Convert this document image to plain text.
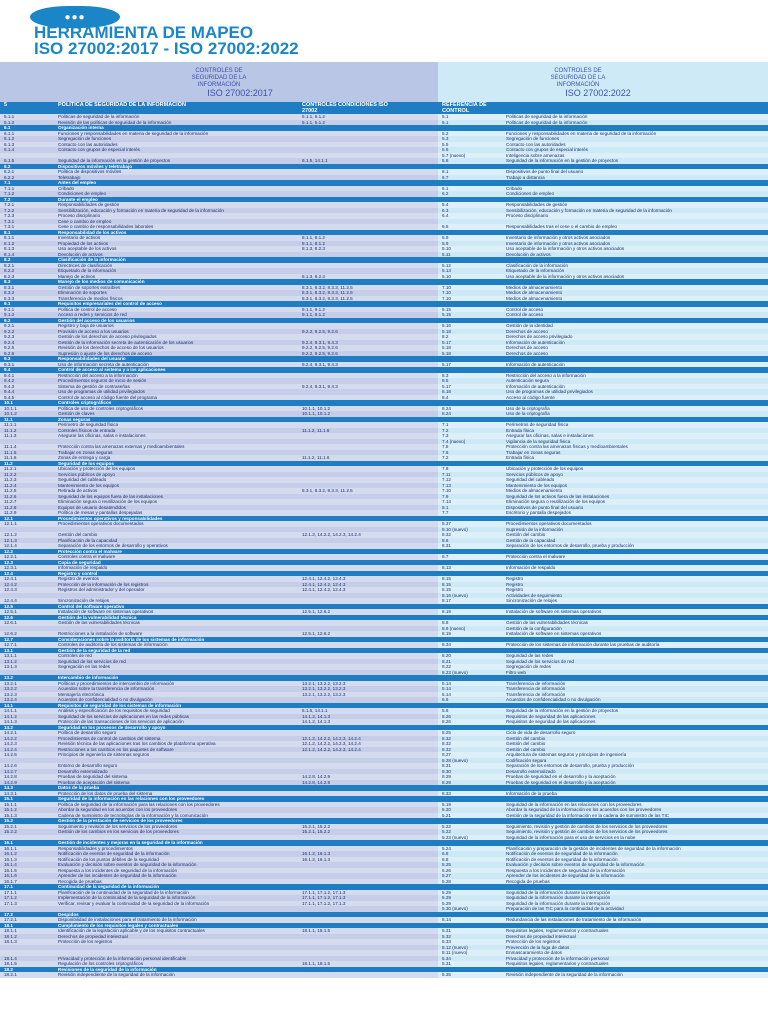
●●●
HERRAMIENTA DE MAPEO
ISO 27002:2017 - ISO 27002:2022
CONTROLES DE SEGURIDAD DE LA INFORMACIÓN
ISO 27002:2017
CONTROLES DE SEGURIDAD DE LA INFORMACIÓN
ISO 27002:2022
5	POLÍTICA DE SEGURIDAD DE LA INFORMACIÓN	CONTROLES CONDICIONES ISO 27002
REFERENCIA DE CONTROL
5.1.1	Políticas de seguridad de la información	5.1.1, 5.1.2	5.1	Políticas de seguridad de la información
5.1.2	Revisión de las políticas de seguridad de la información	5.1.1, 5.1.2	5.1	Políticas de seguridad de la información
6.1	Organización interna
6.1.1	Funciones y responsabilidades en materia de seguridad de la información	5.2	Funciones y responsabilidades en materia de seguridad de la información
6.1.2	Segregación de funciones	5.3	Segregación de funciones
6.1.3	Contacto con las autoridades	5.5	Contacto con las autoridades
6.1.4	Contacto con grupos de especial interés	5.6	Contacto con grupos de especial interés
5.7 (nuevo)	Inteligencia sobre amenazas
6.1.5	Seguridad de la información en la gestión de proyectos	6.1.5, 14.1.1	5.8	Seguridad de la información en la gestión de proyectos
6.2	Dispositivos móviles y teletrabajo
6.2.1	Política de dispositivos móviles	8.1	Dispositivos de punto final del usuario
6.2.2	Teletrabajo	6.7	Trabajo a distancia
7.1	Antes del empleo
7.1.1	Cribado	6.1	Cribado
7.1.2	Condiciones de empleo	6.2	Condiciones de empleo
7.2	Durante el empleo
7.2.1	Responsabilidades de gestión	5.4	Responsabilidades de gestión
7.2.2	Sensibilización, educación y formación en materia de seguridad de la información	6.3	Sensibilización, educación y formación en materia de seguridad de la información
7.2.3	Proceso disciplinario	6.4	Proceso disciplinario
7.3.1	Cese o cambio de empleo
7.3.1	Cese o cambio de responsabilidades laborales	6.5	Responsabilidades tras el cese o el cambio de empleo
8.1	Responsabilidad de los activos
8.1.1	Inventario de activos	8.1.1, 8.1.2	5.9	Inventario de información y otros activos asociados
8.1.2	Propiedad de los activos	8.1.1, 8.1.2	5.9	Inventario de información y otros activos asociados
8.1.3	Uso aceptable de los activos	8.1.3, 8.2.3	5.10	Uso aceptable de la información y otros activos asociados
8.1.4	Devolución de activos	5.11	Devolución de activos
8.2	Clasificación de la información
8.2.1	Directrices de clasificación	5.12	Clasificación de la información
8.2.2	Etiquetado de la información	5.13	Etiquetado de la información
8.2.3	Manejo de activos	8.1.3, 8.2.3	5.10	Uso aceptable de la información y otros activos asociados
8.3	Manejo de los medios de comunicación
8.3.1	Gestión de soportes extraíbles	8.3.1, 8.3.2, 8.3.3, 11.2.5	7.10	Medios de almacenamiento
8.3.2	Eliminación de soportes	8.3.1, 8.3.2, 8.3.3, 11.2.5	7.10	Medios de almacenamiento
8.3.3	Transferencia de medios físicos	8.3.1, 8.3.2, 8.3.3, 11.2.5	7.10	Medios de almacenamiento
9.1	Requisitos empresariales del control de acceso
9.1.1	Política de control de acceso	9.1.1, 9.1.2	5.15	Control de acceso
9.1.2	Acceso a redes y servicios de red	9.1.1, 9.1.2	5.15	Control de acceso
9.2	Gestión del acceso de los usuarios
9.2.1	Registro y baja de usuarios	5.16	Gestión de la identidad
9.2.2	Provisión de acceso a los usuarios	9.2.2, 9.2.5, 9.2.6	5.18	Derechos de acceso
9.2.3	Gestión de los derechos de acceso privilegiados	8.2	Derechos de acceso privilegiado
9.2.4	Gestión de la información secreta de autenticación de los usuarios	9.2.4, 9.3.1, 9.4.3	5.17	Información de autenticación
9.2.5	Revisión de los derechos de acceso de los usuarios	9.2.2, 9.2.5, 9.2.6	5.18	Derechos de acceso
9.2.6	Supresión o ajuste de los derechos de acceso	9.2.2, 9.2.5, 9.2.6	5.18	Derechos de acceso
9.3	Responsabilidades del usuario
9.3.1	Uso de información secreta de autenticación	9.2.4, 9.3.1, 9.4.3	5.17	Información de autenticación
9.4	Control de acceso al sistema y a las aplicaciones
9.4.1	Restricción del acceso a la información	8.3	Restricción del acceso a la información
9.4.2	Procedimientos seguros de inicio de sesión	8.5	Autenticación segura
9.4.3	Sistema de gestión de contraseñas	9.2.4, 9.3.1, 9.4.3	5.17	Información de autenticación
9.4.4	Uso de programas de utilidad privilegiados	8.18	Uso de programas de utilidad privilegiados
9.4.5	Control de acceso al código fuente del programa	8.4	Acceso al código fuente
10.1	Controles criptográficos
10.1.1	Política de uso de controles criptográficos	10.1.1, 10.1.2	8.24	Uso de la criptografía
10.1.2	Gestión de claves	10.1.1, 10.1.2	8.24	Uso de la criptografía
11.1	Zonas seguras
11.1.1	Perímetro de seguridad física	7.1	Perímetros de seguridad física
11.1.2	Controles físicos de entrada	11.1.2, 11.1.6	7.2	Entrada física
11.1.3	Asegurar las oficinas, salas e instalaciones	7.3	Asegurar las oficinas, salas e instalaciones
7.4 (nuevo)	Vigilancia de la seguridad física
11.1.4	Protección contra las amenazas externas y medioambientales	7.5	Protección contra las amenazas físicas y medioambientales
11.1.5	Trabajar en zonas seguras	7.6	Trabajar en zonas seguras
11.1.6	Zonas de entrega y carga	11.1.2, 11.1.6	7.2	Entrada física
11.2	Seguridad de los equipos
11.2.1	Ubicación y protección de los equipos	7.8	Ubicación y protección de los equipos
11.2.2	Servicios públicos de apoyo	7.11	Servicios públicos de apoyo
11.2.3	Seguridad del cableado	7.12	Seguridad del cableado
11.2.4	Mantenimiento de los equipos	7.13	Mantenimiento de los equipos
11.2.5	Retirada de activos	8.3.1, 8.3.2, 8.3.3, 11.2.5	7.10	Medios de almacenamiento
11.2.6	Seguridad de los equipos fuera de las instalaciones	7.9	Seguridad de los activos fuera de las instalaciones
11.2.7	Eliminación segura o reutilización de los equipos	7.14	Eliminación segura o reutilización de los equipos
11.2.8	Equipos de usuario desatendidos	8.1	Dispositivos de punto final del usuario
11.2.9	Política de mesas y pantallas despejadas	7.7	Escritorio y pantalla despejados
12.1	Procedimientos operativos y responsabilidades
12.1.1	Procedimientos operativos documentados	5.37	Procedimientos operativos documentados
8.10 (nuevo)	Supresión de la información
12.1.2	Gestión del cambio	12.1.2, 14.2.2, 14.2.3, 14.2.4	8.32	Gestión del cambio
12.1.3	Planificación de la capacidad	8.6	Gestión de la capacidad
12.1.4	Separación de los entornos de desarrollo y operativos	8.31	Separación de los entornos de desarrollo, prueba y producción
12.2	Protección contra el malware
12.2.1	Controles contra el malware	8.7	Protección contra el malware
12.3	Copia de seguridad
12.3.1	Información de respaldo	8.13	Información de respaldo
12.4	Registro y control
12.4.1	Registro de eventos	12.4.1, 12.4.2, 12.4.3	8.15	Registro
12.4.2	Protección de la información de los registros	12.4.1, 12.4.2, 12.4.3	8.15	Registro
12.4.3	Registros del administrador y del operador	12.4.1, 12.4.2, 12.4.3	8.15	Registro
8.16 (nuevo)	Actividades de seguimiento
12.4.4	Sincronización de relojes	8.17	Sincronización de relojes
12.5	Control del software operativo
12.5.1	Instalación de software en sistemas operativos	12.5.1, 12.6.2	8.19	Instalación de software en sistemas operativos
12.6	Gestión de la vulnerabilidad técnica
12.6.1	Gestión de las vulnerabilidades técnicas	8.8	Gestión de las vulnerabilidades técnicas
8.9 (nuevo)	Gestión de la configuración
12.6.2	Restricciones a la instalación de software	12.5.1, 12.6.2	8.19	Instalación de software en sistemas operativos
12.7	Consideraciones sobre la auditoría de los sistemas de información
12.7.1	Controles de auditoría de los sistemas de información	8.34	Protección de los sistemas de información durante las pruebas de auditoría
13.1	Gestión de la seguridad de la red
13.1.1	Controles de red	8.20	Seguridad de las redes
13.1.2	Seguridad de los servicios de red	8.21	Seguridad de los servicios de red
13.1.3	Segregación en las redes	8.22	Segregación de redes
8.23 (nuevo)	Filtro web
13.2	Intercambio de información
13.2.1	Políticas y procedimientos de intercambio de información	13.2.1, 13.2.2, 13.2.3	5.14	Transferencia de información
13.2.2	Acuerdos sobre la transferencia de información	13.2.1, 13.2.2, 13.2.3	5.14	Transferencia de información
13.2.3	Mensajería electrónica	13.2.1, 13.2.2, 13.2.3	5.14	Transferencia de información
13.2.4	Acuerdos de confidencialidad o no divulgación	6.6	Acuerdos de confidencialidad o no divulgación
14.1	Requisitos de seguridad de los sistemas de información
14.1.1	Análisis y especificación de los requisitos de seguridad	6.1.5, 14.1.1	5.8	Seguridad de la información en la gestión de proyectos
14.1.2	Seguridad de los servicios de aplicaciones en las redes públicas	14.1.2, 14.1.3	8.26	Requisitos de seguridad de las aplicaciones
14.1.3	Protección de las transacciones de los servicios de aplicación	14.1.2, 14.1.3	8.26	Requisitos de seguridad de las aplicaciones
14.2	Seguridad en los procesos de desarrollo y apoyo
14.2.1	Política de desarrollo seguro	8.25	Ciclo de vida de desarrollo seguro
14.2.2	Procedimientos de control de cambios del sistema	12.1.2, 14.2.2, 14.2.3, 14.2.4	8.32	Gestión del cambio
14.2.3	Revisión técnica de las aplicaciones tras los cambios de plataforma operativa	12.1.2, 14.2.2, 14.2.3, 14.2.4	8.32	Gestión del cambio
14.2.4	Restricciones a los cambios en los paquetes de software	12.1.2, 14.2.2, 14.2.3, 14.2.4	8.32	Gestión del cambio
14.2.5	Principios de ingeniería de sistemas seguros	8.27	Arquitectura de sistemas seguros y principios de ingeniería
8.28 (nuevo)	Codificación segura
14.2.6	Entorno de desarrollo seguro	8.31	Separación de los entornos de desarrollo, prueba y producción
14.2.7	Desarrollo externalizado	8.30	Desarrollo externalizado
14.2.8	Pruebas de seguridad del sistema	14.2.8, 14.2.9	8.29	Pruebas de seguridad en el desarrollo y la aceptación
14.2.9	Pruebas de aceptación del sistema	14.2.8, 14.2.9	8.29	Pruebas de seguridad en el desarrollo y la aceptación
14.3	Datos de la prueba
14.3.1	Protección de los datos de prueba del sistema	8.33	Información de la prueba
15.1	Seguridad de la información en las relaciones con los proveedores
15.1.1	Política de seguridad de la información para las relaciones con los proveedores	5.19	Seguridad de la información en las relaciones con los proveedores
15.1.2	Abordar la seguridad en los acuerdos con los proveedores	5.20	Abordar la seguridad de la información en los acuerdos con los proveedores
15.1.3	Cadena de suministro de tecnologías de la información y la comunicación	5.21	Gestión de la seguridad de la información en la cadena de suministro de las TIC
15.2	Gestión de la prestación de servicios de los proveedores
15.2.1	Seguimiento y revisión de los servicios de los proveedores	15.2.1, 15.2.2	5.22	Seguimiento, revisión y gestión de cambios de los servicios de los proveedores
15.2.2	Gestión de los cambios en los servicios de los proveedores	15.2.1, 15.2.2	5.22	Seguimiento, revisión y gestión de cambios de los servicios de los proveedores
5.23 (nuevo)	Seguridad de la información para el uso de servicios en la nube
16.1	Gestión de incidentes y mejoras en la seguridad de la información
16.1.1	Responsabilidades y procedimientos	5.24	Planificación y preparación de la gestión de incidentes de seguridad de la información
16.1.2	Notificación de eventos de seguridad de la información	16.1.2, 16.1.3	6.8	Notificación de eventos de seguridad de la información
16.1.3	Notificación de los puntos débiles de la seguridad	16.1.2, 16.1.3	6.8	Notificación de eventos de seguridad de la información
16.1.4	Evaluación y decisión sobre eventos de seguridad de la información	5.25	Evaluación y decisión sobre eventos de seguridad de la información
16.1.5	Respuesta a los incidentes de seguridad de la información	5.26	Respuesta a los incidentes de seguridad de la información
16.1.6	Aprender de los incidentes de seguridad de la información	5.27	Aprender de los incidentes de seguridad de la información
16.1.7	Recogida de pruebas	5.28	Recogida de pruebas
17.1	Continuidad de la seguridad de la información
17.1.1	Planificación de la continuidad de la seguridad de la información	17.1.1, 17.1.2, 17.1.3	5.29	Seguridad de la información durante la interrupción
17.1.2	Implementación de la continuidad de la seguridad de la información	17.1.1, 17.1.2, 17.1.3	5.29	Seguridad de la información durante la interrupción
17.1.3	Verificar, revisar y evaluar la continuidad de la seguridad de la información	17.1.1, 17.1.2, 17.1.3	5.29	Seguridad de la información durante la interrupción
5.30 (nuevo)	Preparación de las TIC para la continuidad de la actividad
17.2	Despidos
17.2.1	Disponibilidad de instalaciones para el tratamiento de la información	8.14	Redundancia de las instalaciones de tratamiento de la información
18.1	Cumplimiento de los requisitos legales y contractuales
18.1.1	Identificación de la legislación aplicable y de los requisitos contractuales	18.1.1, 18.1.5	5.31	Requisitos legales, reglamentarios y contractuales
18.1.2	Derechos de propiedad intelectual	5.32	Derechos de propiedad intelectual
18.1.3	Protección de los registros	5.33	Protección de los registros
8.12 (nuevo)	Prevención de la fuga de datos
8.11 (nuevo)	Enmascaramiento de datos
18.1.4	Privacidad y protección de la información personal identificable	5.34	Privacidad y protección de la información personal
18.1.5	Regulación de los controles criptográficos	18.1.1, 18.1.5	5.31	Requisitos legales, reglamentarios y contractuales
18.2	Revisiones de la seguridad de la información
18.2.1	Revisión independiente de la seguridad de la información	5.35	Revisión independiente de la seguridad de la información
